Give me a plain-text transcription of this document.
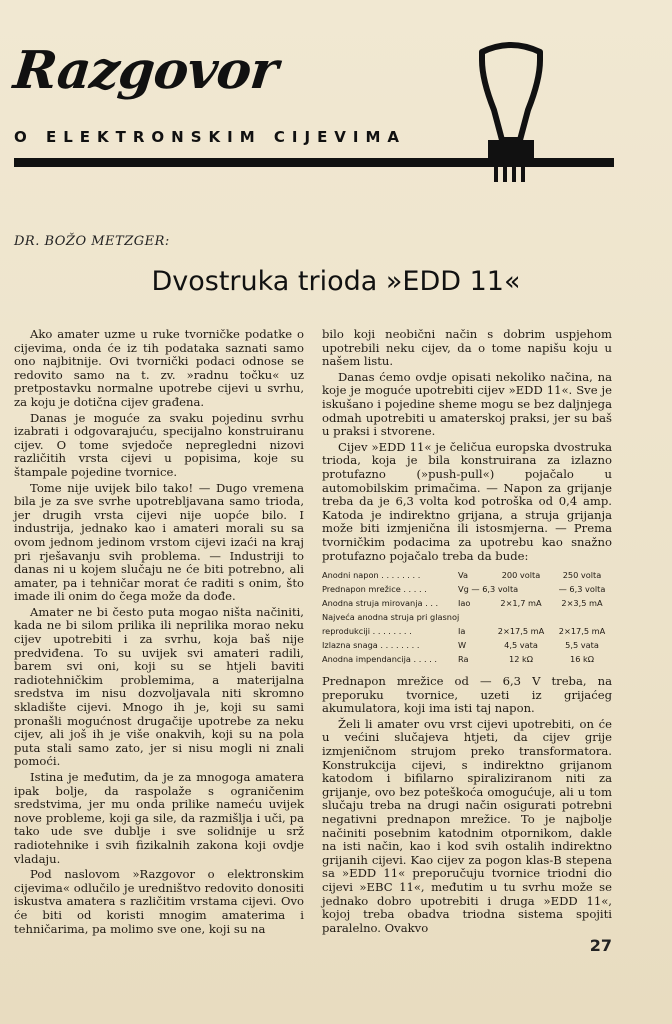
Razgovor
O ELEKTRONSKIM CIJEVIMA
DR. BOŽO METZGER:
Dvostruka trioda »EDD 11«

Ako amater uzme u ruke tvorničke podatke o cijevima, onda će iz tih podataka saznati samo ono najbitnije. Ovi tvornički podaci odnose se redovito samo na t. zv. »radnu točku« uz pretpostavku normalne upotrebe cijevi u svrhu, za koju je dotična cijev građena.

Danas je moguće za svaku pojedinu svrhu izabrati i odgovarajuću, specijalno konstruiranu cijev. O tome svjedoče nepregledni nizovi različitih vrsta cijevi u popisima, koje su štampale pojedine tvornice.

Tome nije uvijek bilo tako! — Dugo vremena bila je za sve svrhe upotrebljavana samo trioda, jer drugih vrsta cijevi nije uopće bilo. I industrija, jednako kao i amateri morali su sa ovom jednom jedinom vrstom cijevi izaći na kraj pri rješavanju svih problema. — Industriji to danas ni u kojem slučaju ne će biti potrebno, ali amater, pa i tehničar morat će raditi s onim, što imade ili onim do čega može da dođe.

Amater ne bi često puta mogao ništa načiniti, kada ne bi silom prilika ili neprilika morao neku cijev upotrebiti i za svrhu, koja baš nije predviđena. To su uvijek svi amateri radili, barem svi oni, koji su se htjeli baviti radiotehničkim problemima, a materijalna sredstva im nisu dozvoljavala niti skromno skladište cijevi. Mnogo ih je, koji su sami pronašli mogućnost drugačije upotrebe za neku cijev, ali još ih je više onakvih, koji su na pola puta stali samo zato, jer si nisu mogli ni znali pomoći.

Istina je međutim, da je za mnogoga amatera ipak bolje, da raspolaže s ograničenim sredstvima, jer mu onda prilike nameću uvijek nove probleme, koji ga sile, da razmišlja i uči, pa tako ude sve dublje i sve solidnije u srž radiotehnike i svih fizikalnih zakona koji ovdje vladaju.

Pod naslovom »Razgovor o elektronskim cijevima« odlučilo je uredništvo redovito donositi iskustva amatera s različitim vrstama cijevi. Ovo će biti od koristi mnogim amaterima i tehničarima, pa molimo sve one, koji su na

bilo koji neobični način s dobrim uspjehom upotrebili neku cijev, da o tome napišu koju u našem listu.

Danas ćemo ovdje opisati nekoliko načina, na koje je moguće upotrebiti cijev »EDD 11«. Sve je iskušano i pojedine sheme mogu se bez daljnjega odmah upotrebiti u amaterskoj praksi, jer su baš u praksi i stvorene.

Cijev »EDD 11« je čeličua europska dvostruka trioda, koja je bila konstruirana za izlazno protufazno (»push-pull«) pojačalo u automobilskim primačima. — Napon za grijanje treba da je 6,3 volta kod potroška od 0,4 amp. Katoda je indirektno grijana, a struja grijanja može biti izmjenična ili istosmjerna. — Prema tvorničkim podacima za upotrebu kao snažno protufazno pojačalo treba da bude:

Anodni napon . . . . . . . .	Va	200 volta	250 volta
Prednapon mrežice . . . . .	Vg — 6,3 volta	— 6,3 volta
Anodna struja mirovanja . . .	Iao	2×1,7 mA	2×3,5 mA
Najveća anodna struja pri glasnoj
reprodukciji . . . . . . . .	Ia	2×17,5 mA	2×17,5 mA
Izlazna snaga . . . . . . . .	W	4,5 vata	5,5 vata
Anodna impendancija . . . . .	Ra	12 kΩ	16 kΩ

Prednapon mrežice od — 6,3 V treba, na preporuku tvornice, uzeti iz grijaćeg akumulatora, koji ima isti taj napon.

Želi li amater ovu vrst cijevi upotrebiti, on će u većini slučajeva htjeti, da cijev grije izmjeničnom strujom preko transformatora. Konstrukcija cijevi, s indirektno grijanom katodom i bifilarno spiraliziranom niti za grijanje, ovo bez poteškoća omogućuje, ali u tom slučaju treba na drugi način osigurati potrebni negativni prednapon mrežice. To je najbolje načiniti posebnim katodnim otpornikom, dakle na isti način, kao i kod svih ostalih indirektno grijanih cijevi. Kao cijev za pogon klas-B stepena sa »EDD 11« preporučuju tvornice triodni dio cijevi »EBC 11«, međutim u tu svrhu može se jednako dobro upotrebiti i druga »EDD 11«, kojoj treba obadva triodna sistema spojiti paralelno. Ovakvo

27
